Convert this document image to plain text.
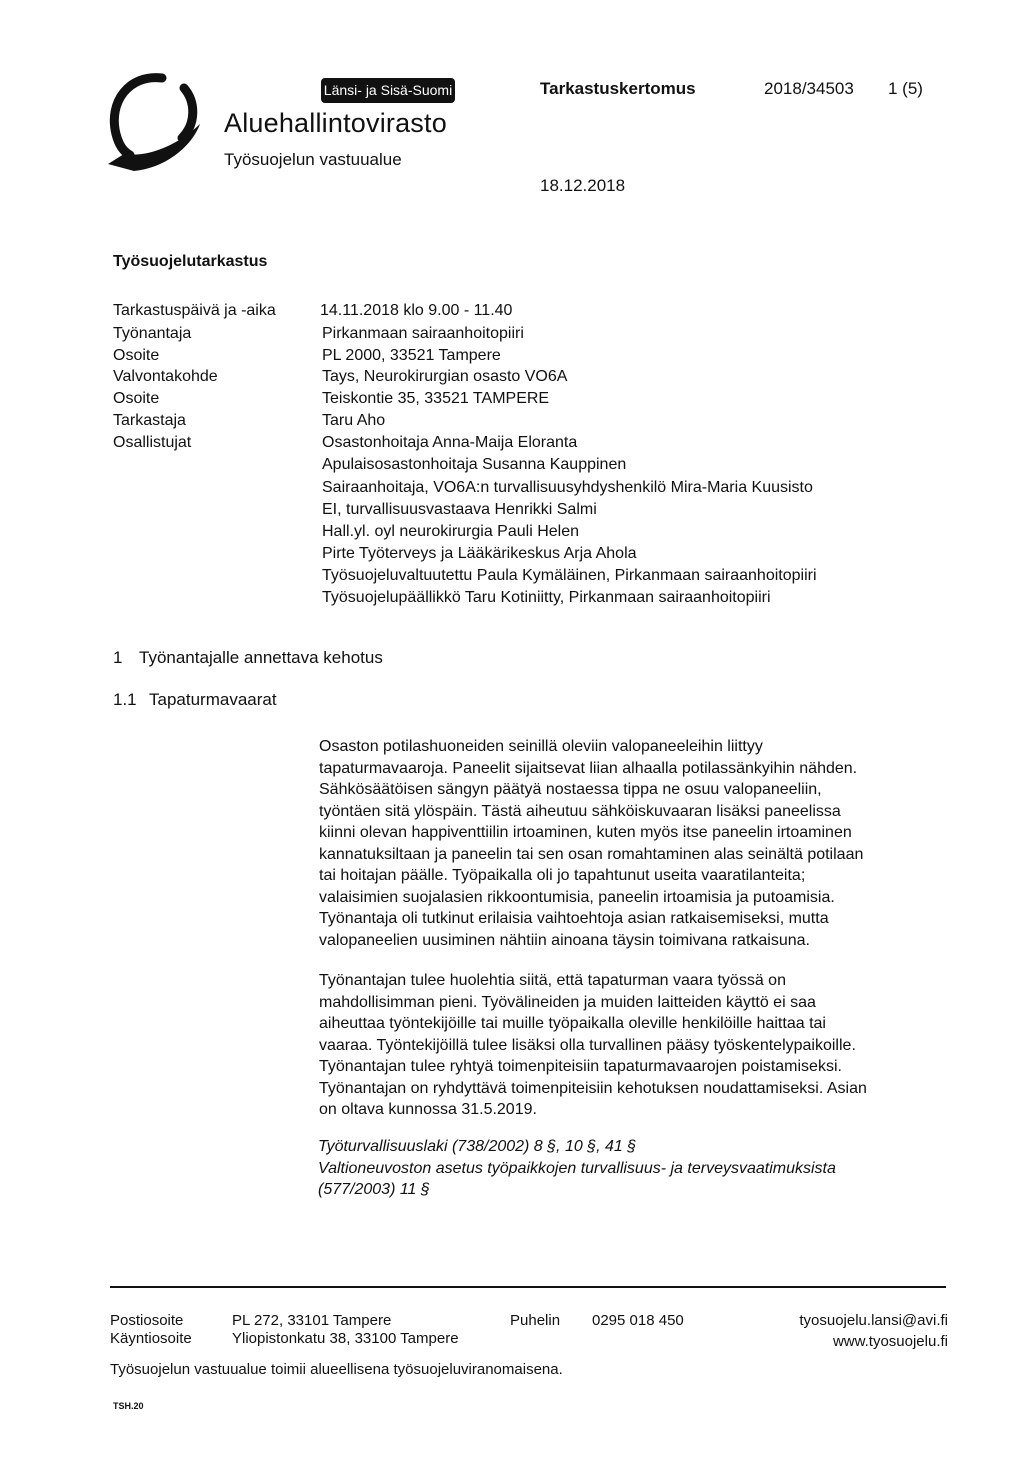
Länsi- ja Sisä-Suomi
Aluehallintovirasto
Työsuojelun vastuualue
Tarkastuskertomus	2018/34503 1 (5)
18.12.2018
Työsuojelutarkastus
Tarkastuspäivä ja -aika	14.11.2018 klo 9.00 - 11.40
Työnantaja	Pirkanmaan sairaanhoitopiiri
Osoite	PL 2000, 33521 Tampere
Valvontakohde	Tays, Neurokirurgian osasto VO6A
Osoite	Teiskontie 35, 33521 TAMPERE
Tarkastaja	Taru Aho
Osallistujat	Osastonhoitaja Anna-Maija Eloranta
Apulaisosastonhoitaja Susanna Kauppinen
Sairaanhoitaja, VO6A:n turvallisuusyhdyshenkilö Mira-Maria Kuusisto
EI, turvallisuusvastaava Henrikki Salmi
Hall.yl. oyl neurokirurgia Pauli Helen
Pirte Työterveys ja Lääkärikeskus Arja Ahola
Työsuojeluvaltuutettu Paula Kymäläinen, Pirkanmaan sairaanhoitopiiri
Työsuojelupäällikkö Taru Kotiniitty, Pirkanmaan sairaanhoitopiiri
1 Työnantajalle annettava kehotus
1.1 Tapaturmavaarat

Osaston potilashuoneiden seinillä oleviin valopaneeleihin liittyy

tapaturmavaaroja. Paneelit sijaitsevat liian alhaalla potilassänkyihin nähden.

Sähkösäätöisen sängyn päätyä nostaessa tippa ne osuu valopaneeliin,

työntäen sitä ylöspäin. Tästä aiheutuu sähköiskuvaaran lisäksi paneelissa

kiinni olevan happiventtiilin irtoaminen, kuten myös itse paneelin irtoaminen

kannatuksiltaan ja paneelin tai sen osan romahtaminen alas seinältä potilaan

tai hoitajan päälle. Työpaikalla oli jo tapahtunut useita vaaratilanteita;

valaisimien suojalasien rikkoontumisia, paneelin irtoamisia ja putoamisia.

Työnantaja oli tutkinut erilaisia vaihtoehtoja asian ratkaisemiseksi, mutta

valopaneelien uusiminen nähtiin ainoana täysin toimivana ratkaisuna.

Työnantajan tulee huolehtia siitä, että tapaturman vaara työssä on

mahdollisimman pieni. Työvälineiden ja muiden laitteiden käyttö ei saa

aiheuttaa työntekijöille tai muille työpaikalla oleville henkilöille haittaa tai

vaaraa. Työntekijöillä tulee lisäksi olla turvallinen pääsy työskentelypaikoille.

Työnantajan tulee ryhtyä toimenpiteisiin tapaturmavaarojen poistamiseksi.

Työnantajan on ryhdyttävä toimenpiteisiin kehotuksen noudattamiseksi. Asian

on oltava kunnossa 31.5.2019.

Työturvallisuuslaki (738/2002) 8 §, 10 §, 41 §

Valtioneuvoston asetus työpaikkojen turvallisuus- ja terveysvaatimuksista

(577/2003) 11 §

Postiosoite	PL 272, 33101 Tampere
Käyntiosoite	Yliopistonkatu 38, 33100 Tampere
Puhelin 0295 018 450	tyosuojelu.lansi@avi.fi
www.tyosuojelu.fi
Työsuojelun vastuualue toimii alueellisena työsuojeluviranomaisena.
TSH.20
